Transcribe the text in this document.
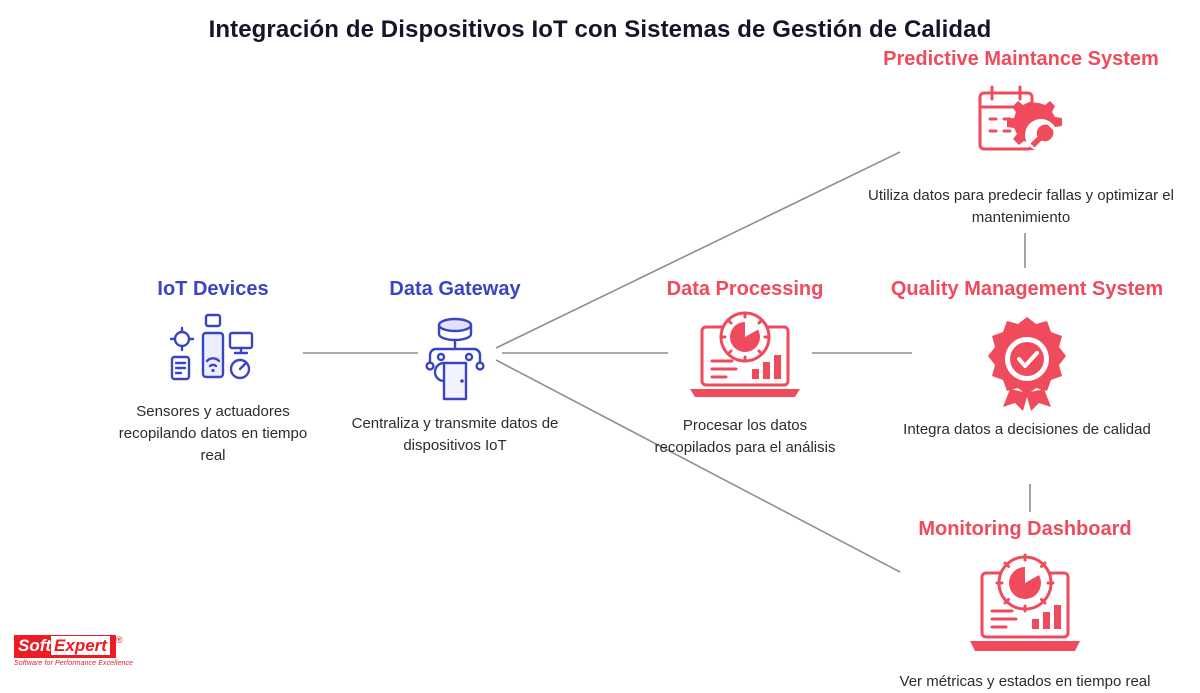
Integración de Dispositivos IoT con Sistemas de Gestión de Calidad
IoT Devices
Sensores y actuadores recopilando datos en tiempo real
Data Gateway
Centraliza y transmite datos de dispositivos IoT
Data Processing
Procesar los datos recopilados para el análisis
Quality Management System
Integra datos a decisiones de calidad
Predictive Maintance System
Utiliza datos para predecir fallas y optimizar el mantenimiento
Monitoring Dashboard
Ver métricas y estados en tiempo real
Soft Expert ®
Software for Performance Excellence
